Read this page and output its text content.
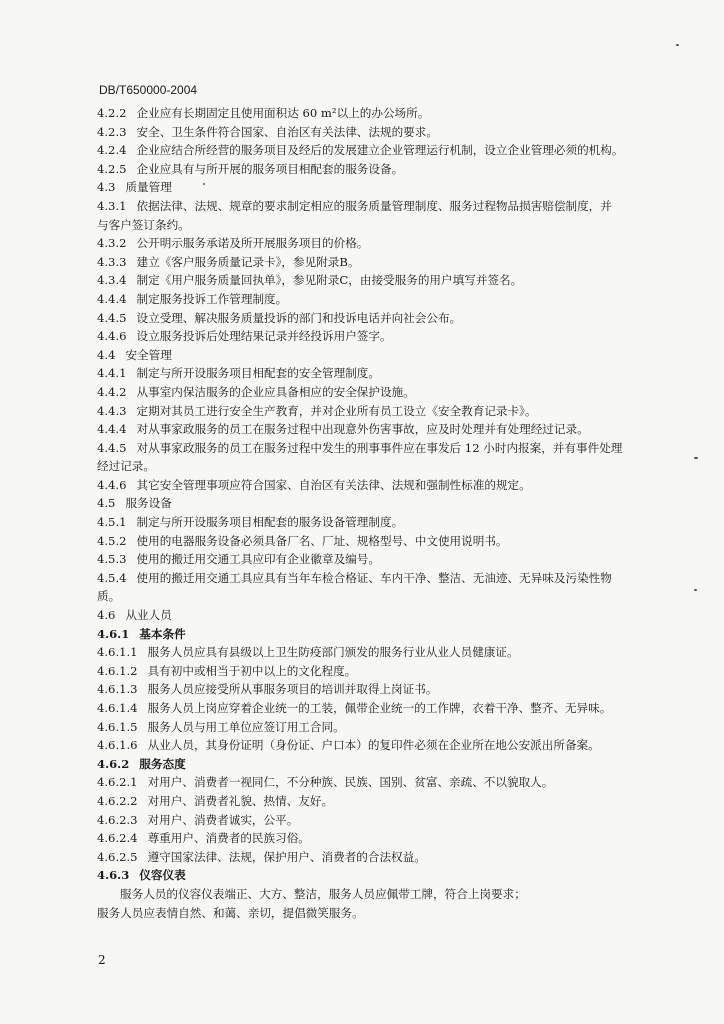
DB/T650000-2004
4.2.2 企业应有长期固定且使用面积达 60 m²以上的办公场所。
4.2.3 安全、卫生条件符合国家、自治区有关法律、法规的要求。
4.2.4 企业应结合所经营的服务项目及经后的发展建立企业管理运行机制，设立企业管理必须的机构。
4.2.5 企业应具有与所开展的服务项目相配套的服务设备。
4.3 质量管理
4.3.1 依据法律、法规、规章的要求制定相应的服务质量管理制度、服务过程物品损害赔偿制度，并
与客户签订条约。
4.3.2 公开明示服务承诺及所开展服务项目的价格。
4.3.3 建立《客户服务质量记录卡》，参见附录B。
4.3.4 制定《用户服务质量回执单》，参见附录C，由接受服务的用户填写并签名。
4.4.4 制定服务投诉工作管理制度。
4.4.5 设立受理、解决服务质量投诉的部门和投诉电话并向社会公布。
4.4.6 设立服务投诉后处理结果记录并经投诉用户签字。
4.4 安全管理
4.4.1 制定与所开设服务项目相配套的安全管理制度。
4.4.2 从事室内保洁服务的企业应具备相应的安全保护设施。
4.4.3 定期对其员工进行安全生产教育，并对企业所有员工设立《安全教育记录卡》。
4.4.4 对从事家政服务的员工在服务过程中出现意外伤害事故，应及时处理并有处理经过记录。
4.4.5 对从事家政服务的员工在服务过程中发生的刑事事件应在事发后 12 小时内报案，并有事件处理
经过记录。
4.4.6 其它安全管理事项应符合国家、自治区有关法律、法规和强制性标准的规定。
4.5 服务设备
4.5.1 制定与所开设服务项目相配套的服务设备管理制度。
4.5.2 使用的电器服务设备必须具备厂名、厂址、规格型号、中文使用说明书。
4.5.3 使用的搬迁用交通工具应印有企业徽章及编号。
4.5.4 使用的搬迁用交通工具应具有当年车检合格证、车内干净、整洁、无油迹、无异味及污染性物
质。
4.6 从业人员
4.6.1 基本条件
4.6.1.1 服务人员应具有县级以上卫生防疫部门颁发的服务行业从业人员健康证。
4.6.1.2 具有初中或相当于初中以上的文化程度。
4.6.1.3 服务人员应接受所从事服务项目的培训并取得上岗证书。
4.6.1.4 服务人员上岗应穿着企业统一的工装，佩带企业统一的工作牌，衣着干净、整齐、无异味。
4.6.1.5 服务人员与用工单位应签订用工合同。
4.6.1.6 从业人员，其身份证明（身份证、户口本）的复印件必须在企业所在地公安派出所备案。
4.6.2 服务态度
4.6.2.1 对用户、消费者一视同仁，不分种族、民族、国别、贫富、亲疏、不以貌取人。
4.6.2.2 对用户、消费者礼貌、热情、友好。
4.6.2.3 对用户、消费者诚实，公平。
4.6.2.4 尊重用户、消费者的民族习俗。
4.6.2.5 遵守国家法律、法规，保护用户、消费者的合法权益。
4.6.3 仪容仪表
服务人员的仪容仪表端正、大方、整洁，服务人员应佩带工牌，符合上岗要求；
服务人员应表情自然、和蔼、亲切，提倡微笑服务。
2
